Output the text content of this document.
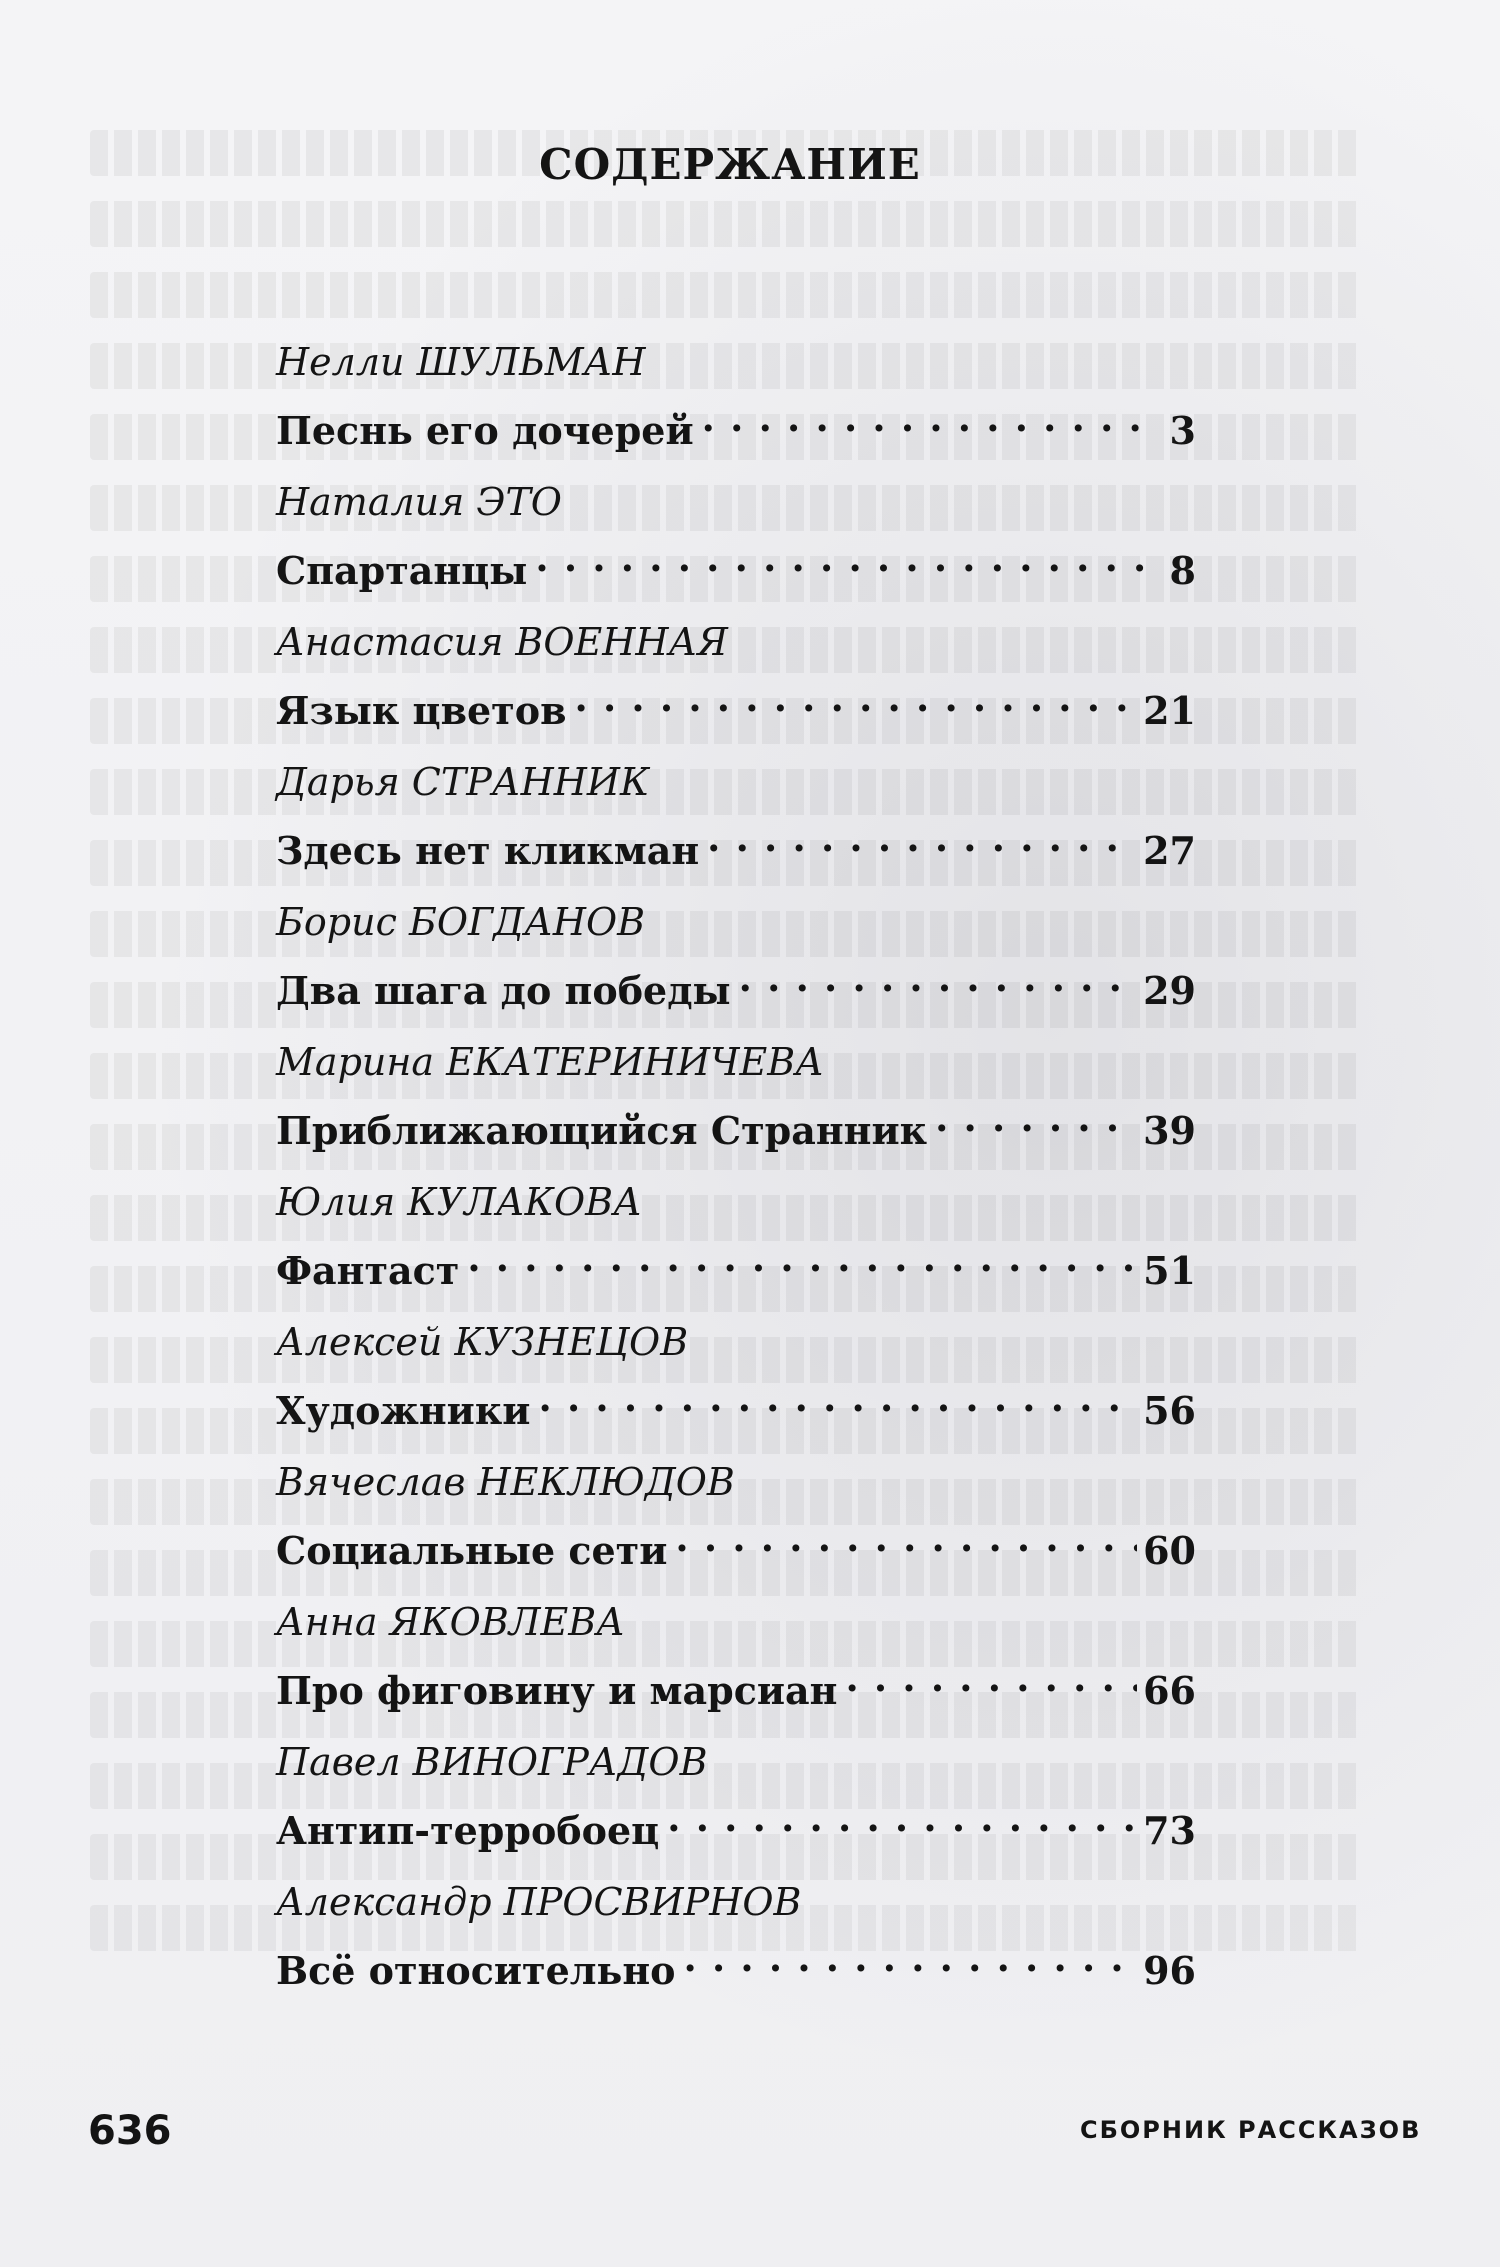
СОДЕРЖАНИЕ
Нелли ШУЛЬМАН
Песнь его дочерей . . .	3
Наталия ЭТО
Спартанцы . . .	8
Анастасия ВОЕННАЯ
Язык цветов . . .	21
Дарья СТРАННИК
Здесь нет кликман . . .	27
Борис БОГДАНОВ
Два шага до победы . . .	29
Марина ЕКАТЕРИНИЧЕВА
Приближающийся Странник . . .	39
Юлия КУЛАКОВА
Фантаст . . .	51
Алексей КУЗНЕЦОВ
Художники . . .	56
Вячеслав НЕКЛЮДОВ
Социальные сети . . .	60
Анна ЯКОВЛЕВА
Про фиговину и марсиан . . .	66
Павел ВИНОГРАДОВ
Антип-терробоец . . .	73
Александр ПРОСВИРНОВ
Всё относительно . . .	96
636	СБОРНИК РАССКАЗОВ
